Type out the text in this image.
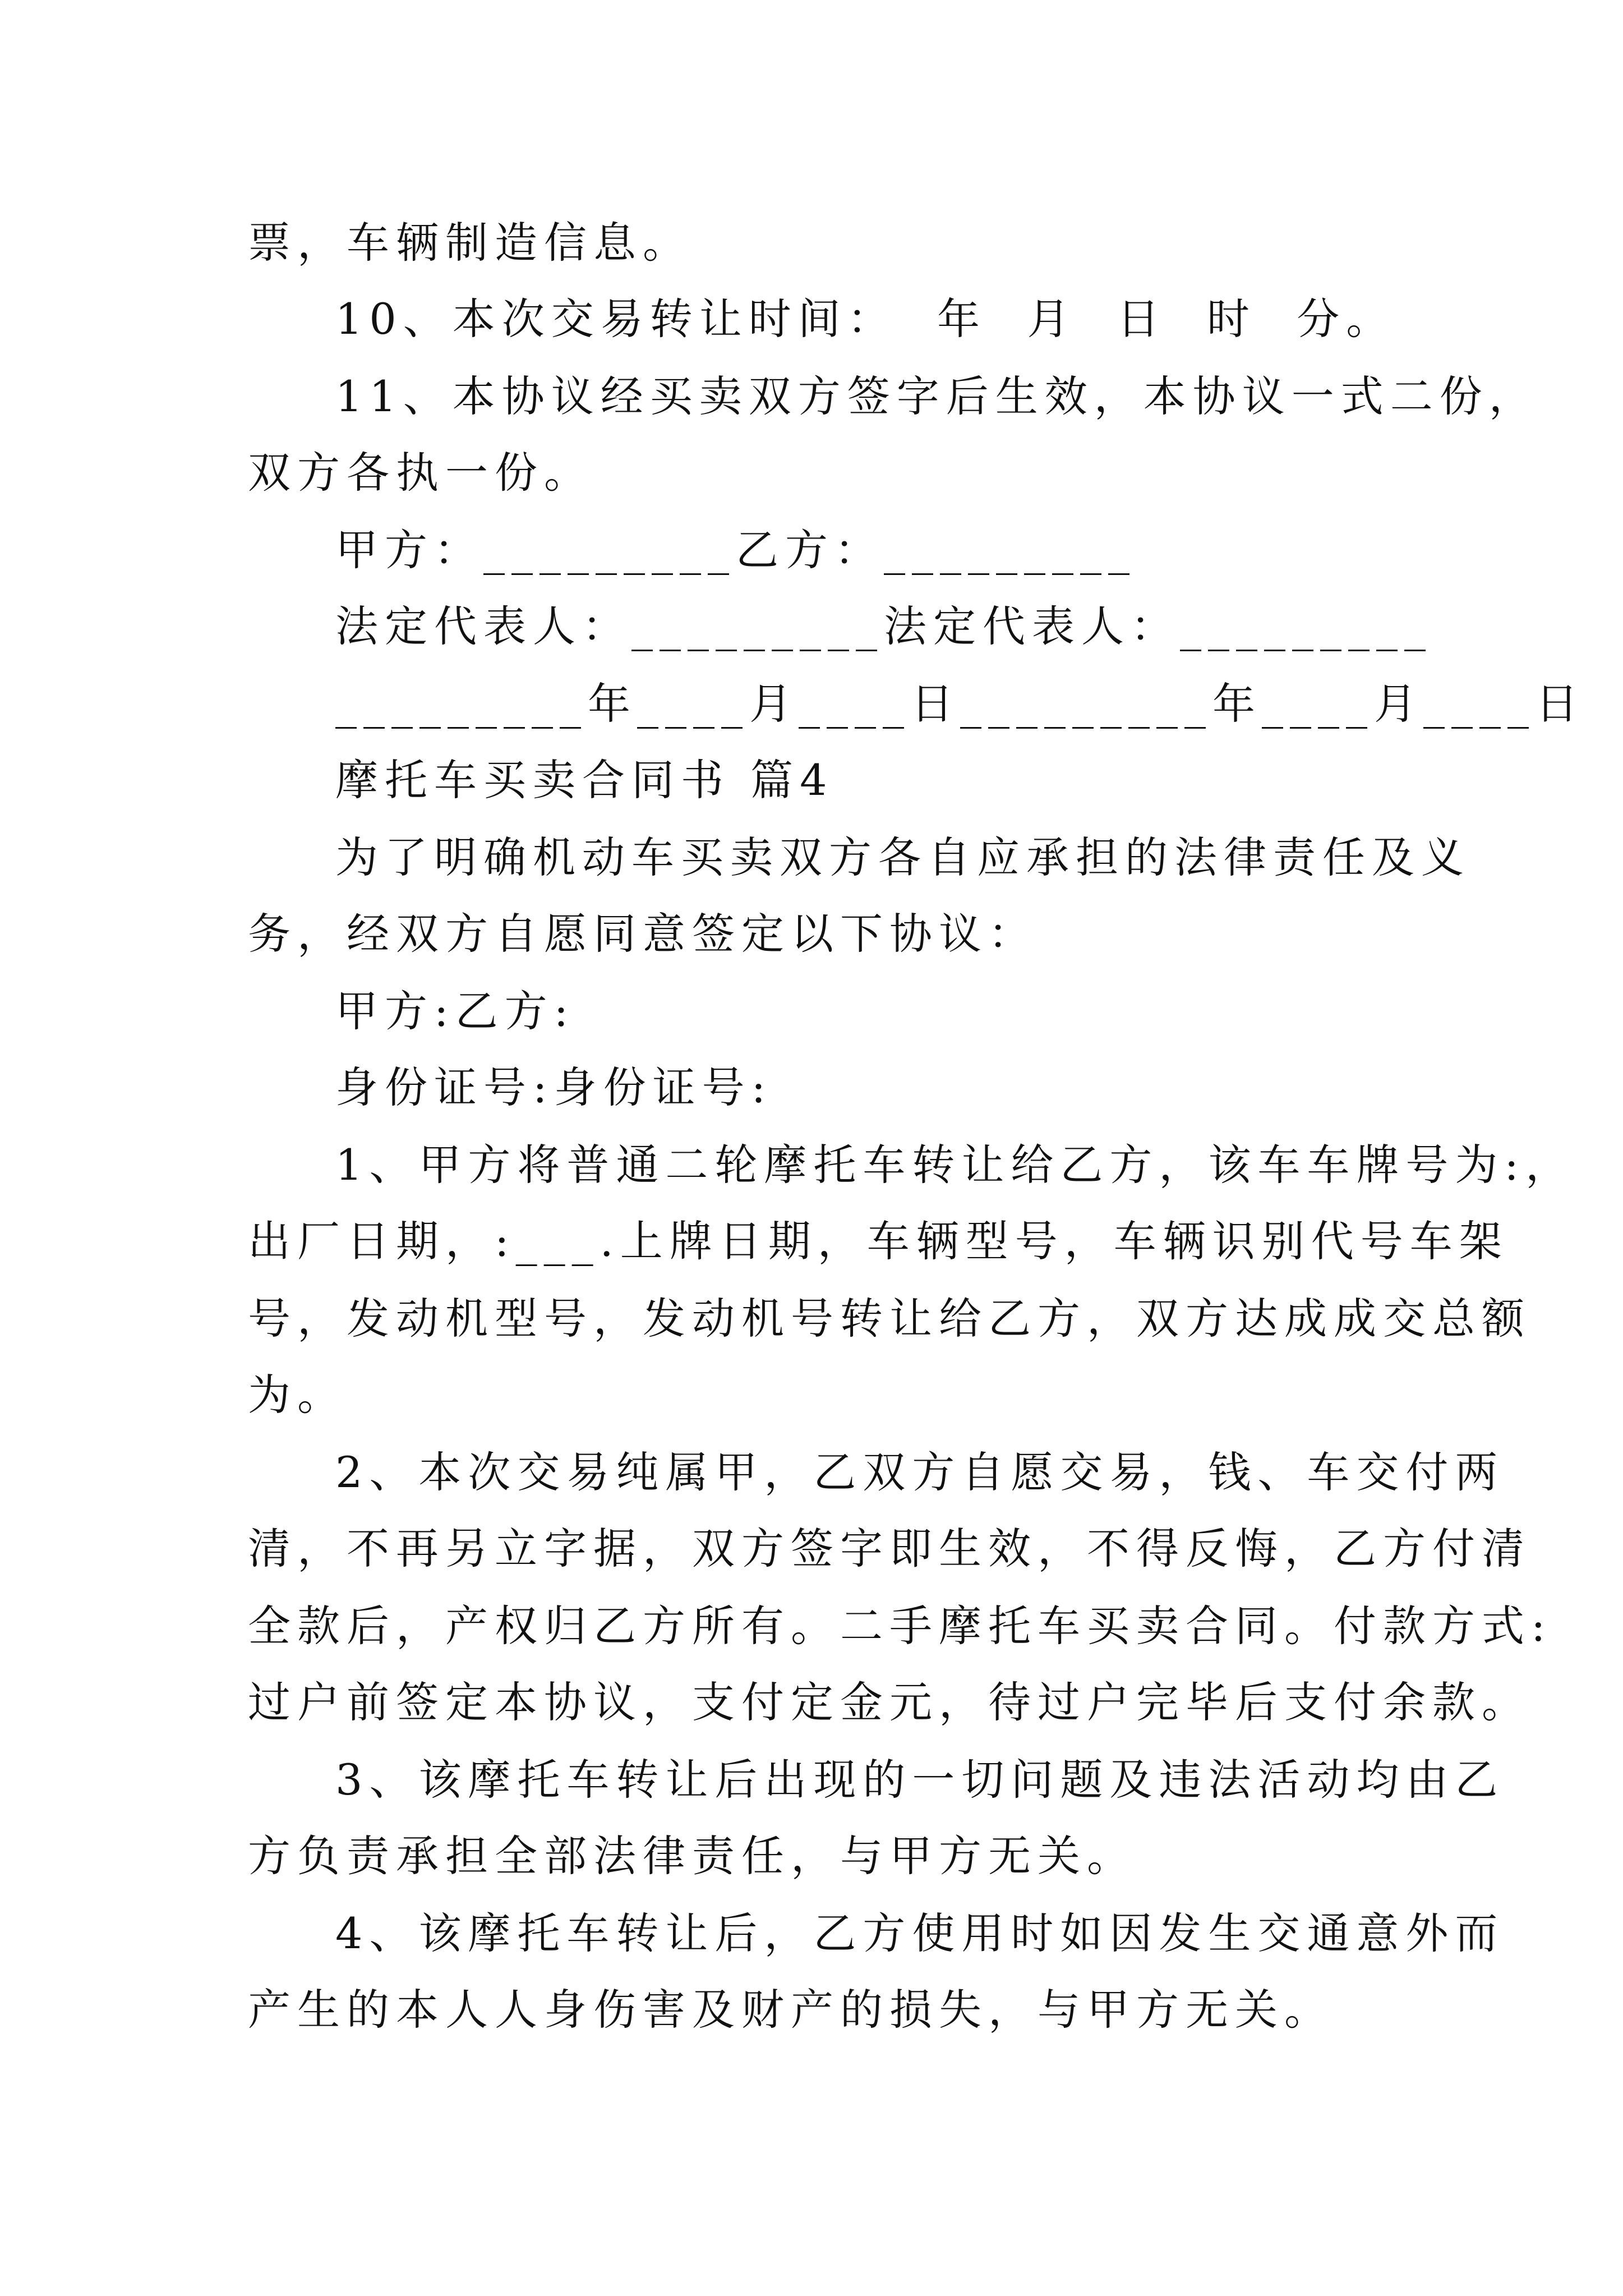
票，车辆制造信息。
10、本次交易转让时间：  年  月  日  时  分。
11、本协议经买卖双方签字后生效，本协议一式二份，
双方各执一份。
甲方：_________乙方：_________
法定代表人：_________法定代表人：_________
_________年____月____日_________年____月____日
摩托车买卖合同书 篇4
为了明确机动车买卖双方各自应承担的法律责任及义
务，经双方自愿同意签定以下协议：
甲方:乙方:
身份证号:身份证号:
1、甲方将普通二轮摩托车转让给乙方，该车车牌号为:，
出厂日期，:___.上牌日期，车辆型号，车辆识别代号车架
号，发动机型号，发动机号转让给乙方，双方达成成交总额
为。
2、本次交易纯属甲，乙双方自愿交易，钱、车交付两
清，不再另立字据，双方签字即生效，不得反悔，乙方付清
全款后，产权归乙方所有。二手摩托车买卖合同。付款方式:
过户前签定本协议，支付定金元，待过户完毕后支付余款。
3、该摩托车转让后出现的一切问题及违法活动均由乙
方负责承担全部法律责任，与甲方无关。
4、该摩托车转让后，乙方使用时如因发生交通意外而
产生的本人人身伤害及财产的损失，与甲方无关。
